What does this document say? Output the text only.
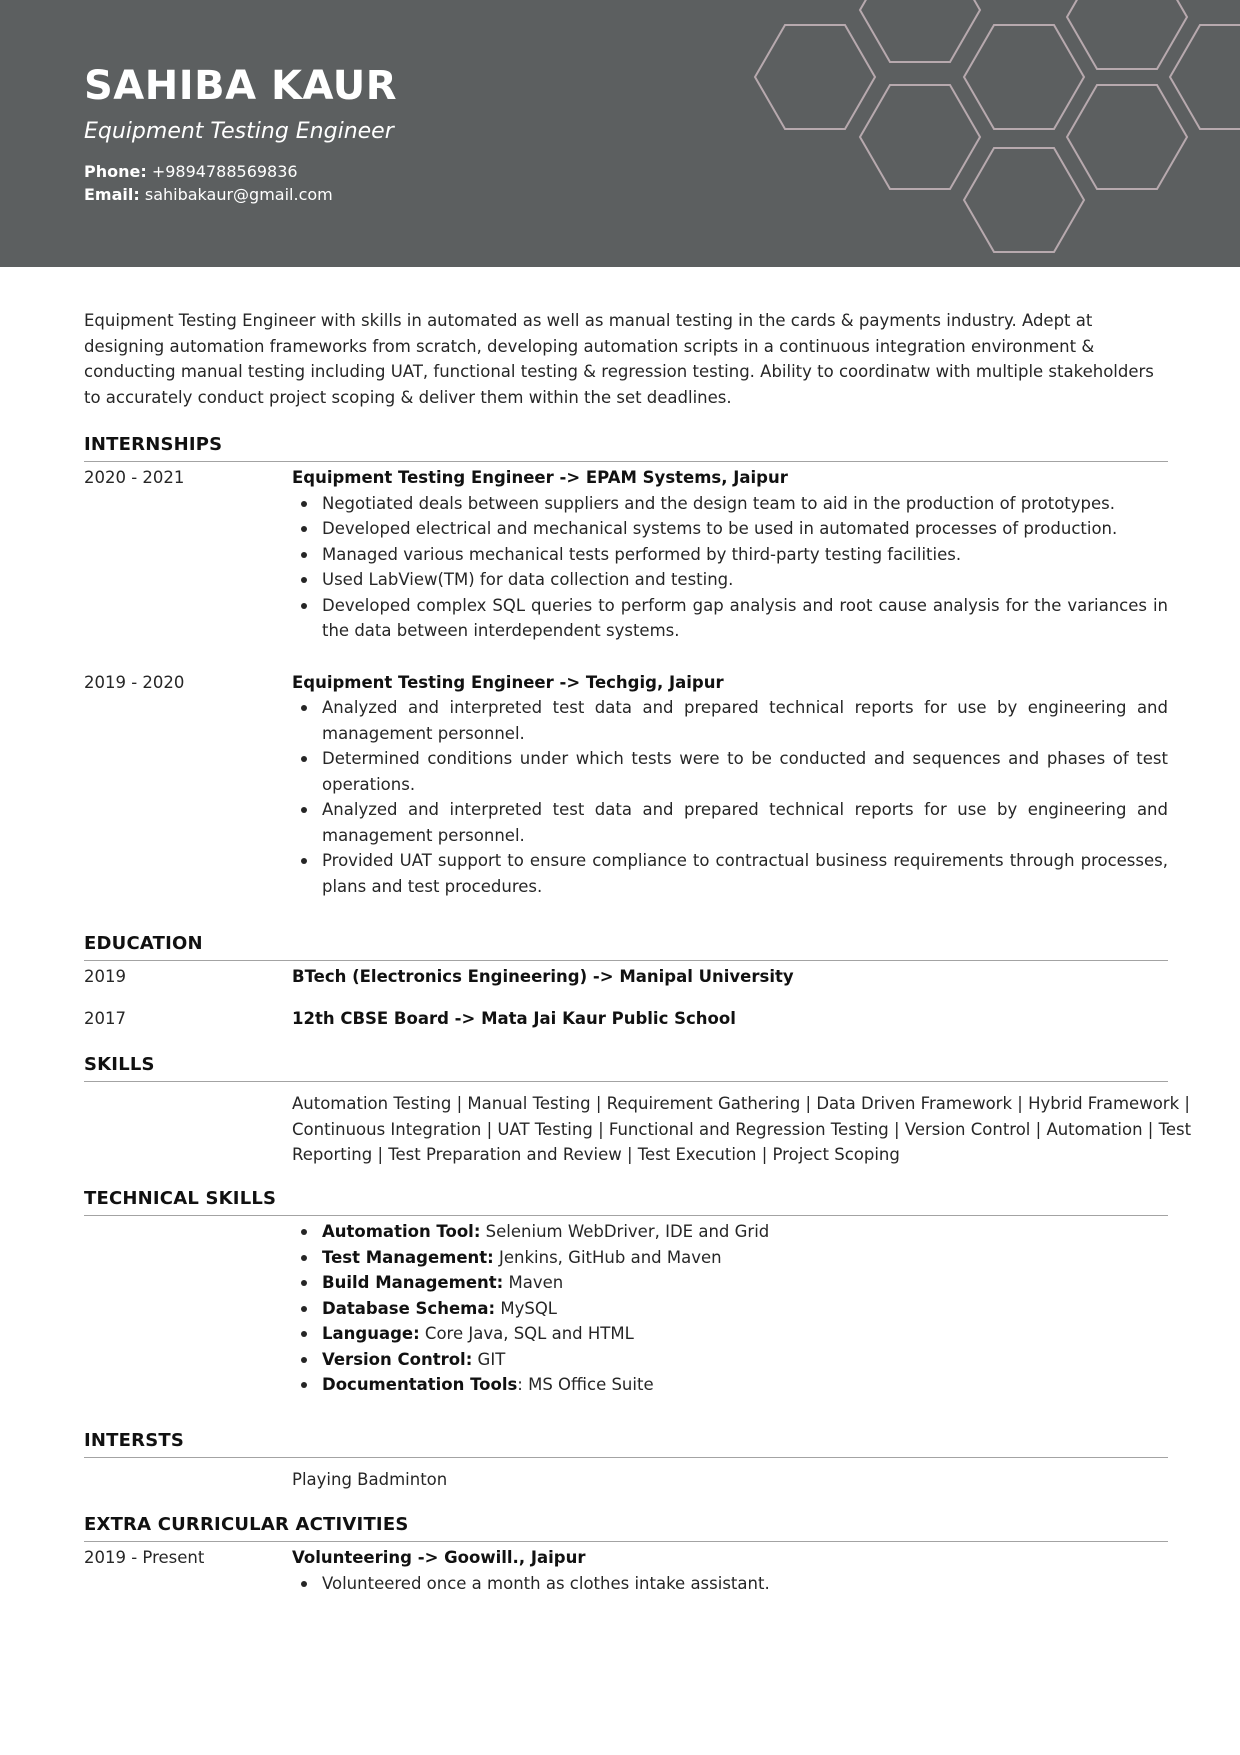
SAHIBA KAUR
Equipment Testing Engineer
Phone: +9894788569836
Email: sahibakaur@gmail.com
Equipment Testing Engineer with skills in automated as well as manual testing in the cards & payments industry. Adept at designing automation frameworks from scratch, developing automation scripts in a continuous integration environment & conducting manual testing including UAT, functional testing & regression testing. Ability to coordinatw with multiple stakeholders to accurately conduct project scoping & deliver them within the set deadlines.
INTERNSHIPS
2020 - 2021	Equipment Testing Engineer -> EPAM Systems, Jaipur
Negotiated deals between suppliers and the design team to aid in the production of prototypes.
Developed electrical and mechanical systems to be used in automated processes of production.
Managed various mechanical tests performed by third-party testing facilities.
Used LabView(TM) for data collection and testing.
Developed complex SQL queries to perform gap analysis and root cause analysis for the variances in the data between interdependent systems.
2019 - 2020	Equipment Testing Engineer -> Techgig, Jaipur
Analyzed and interpreted test data and prepared technical reports for use by engineering and management personnel.
Determined conditions under which tests were to be conducted and sequences and phases of test operations.
Analyzed and interpreted test data and prepared technical reports for use by engineering and management personnel.
Provided UAT support to ensure compliance to contractual business requirements through processes, plans and test procedures.
EDUCATION
2019	BTech (Electronics Engineering) -> Manipal University
2017	12th CBSE Board -> Mata Jai Kaur Public School
SKILLS
Automation Testing | Manual Testing | Requirement Gathering | Data Driven Framework | Hybrid Framework | Continuous Integration | UAT Testing | Functional and Regression Testing | Version Control | Automation | Test Reporting | Test Preparation and Review | Test Execution | Project Scoping
TECHNICAL SKILLS
Automation Tool: Selenium WebDriver, IDE and Grid
Test Management: Jenkins, GitHub and Maven
Build Management: Maven
Database Schema: MySQL
Language: Core Java, SQL and HTML
Version Control: GIT
Documentation Tools: MS Office Suite
INTERSTS
Playing Badminton
EXTRA CURRICULAR ACTIVITIES
2019 - Present	Volunteering -> Goowill., Jaipur
Volunteered once a month as clothes intake assistant.
